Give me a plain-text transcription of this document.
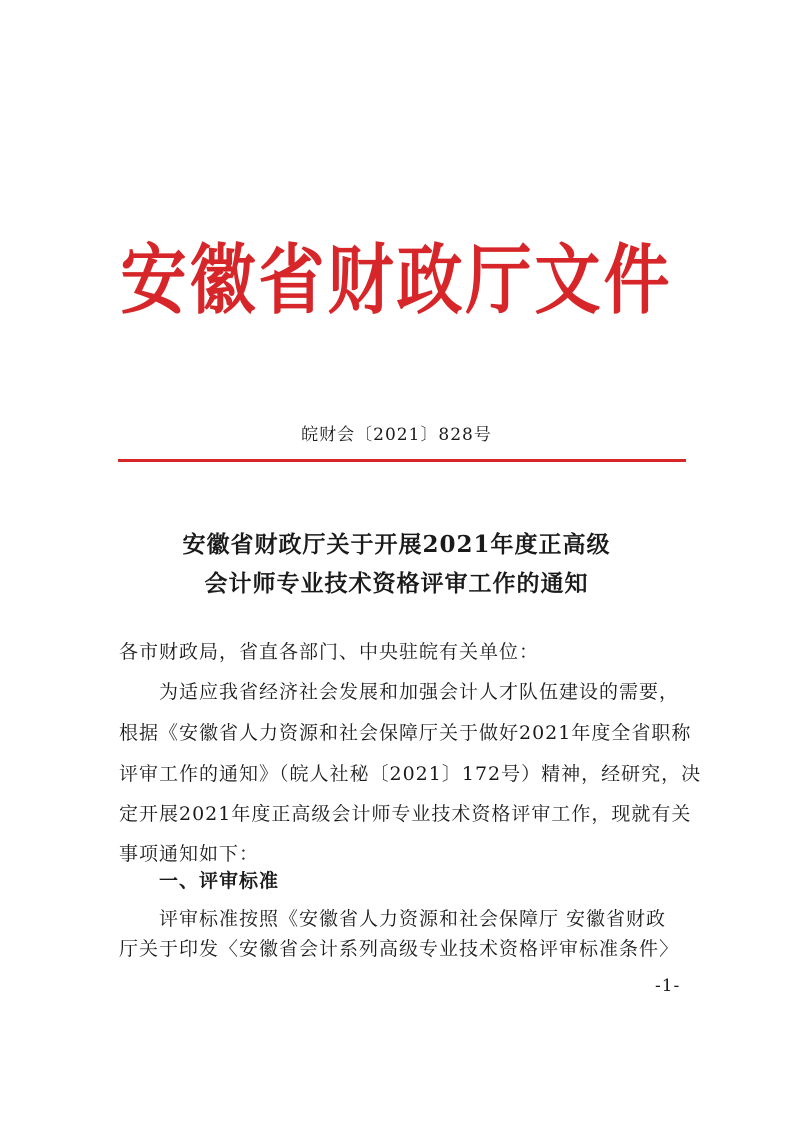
安徽省财政厅文件
皖财会〔2021〕828号
安徽省财政厅关于开展2021年度正高级
会计师专业技术资格评审工作的通知
各市财政局，省直各部门、中央驻皖有关单位：
为适应我省经济社会发展和加强会计人才队伍建设的需要，
根据《安徽省人力资源和社会保障厅关于做好2021年度全省职称
评审工作的通知》（皖人社秘〔2021〕172号）精神，经研究，决
定开展2021年度正高级会计师专业技术资格评审工作，现就有关
事项通知如下：
一、评审标准
评审标准按照《安徽省人力资源和社会保障厅 安徽省财政
厅关于印发〈安徽省会计系列高级专业技术资格评审标准条件〉
-1-
